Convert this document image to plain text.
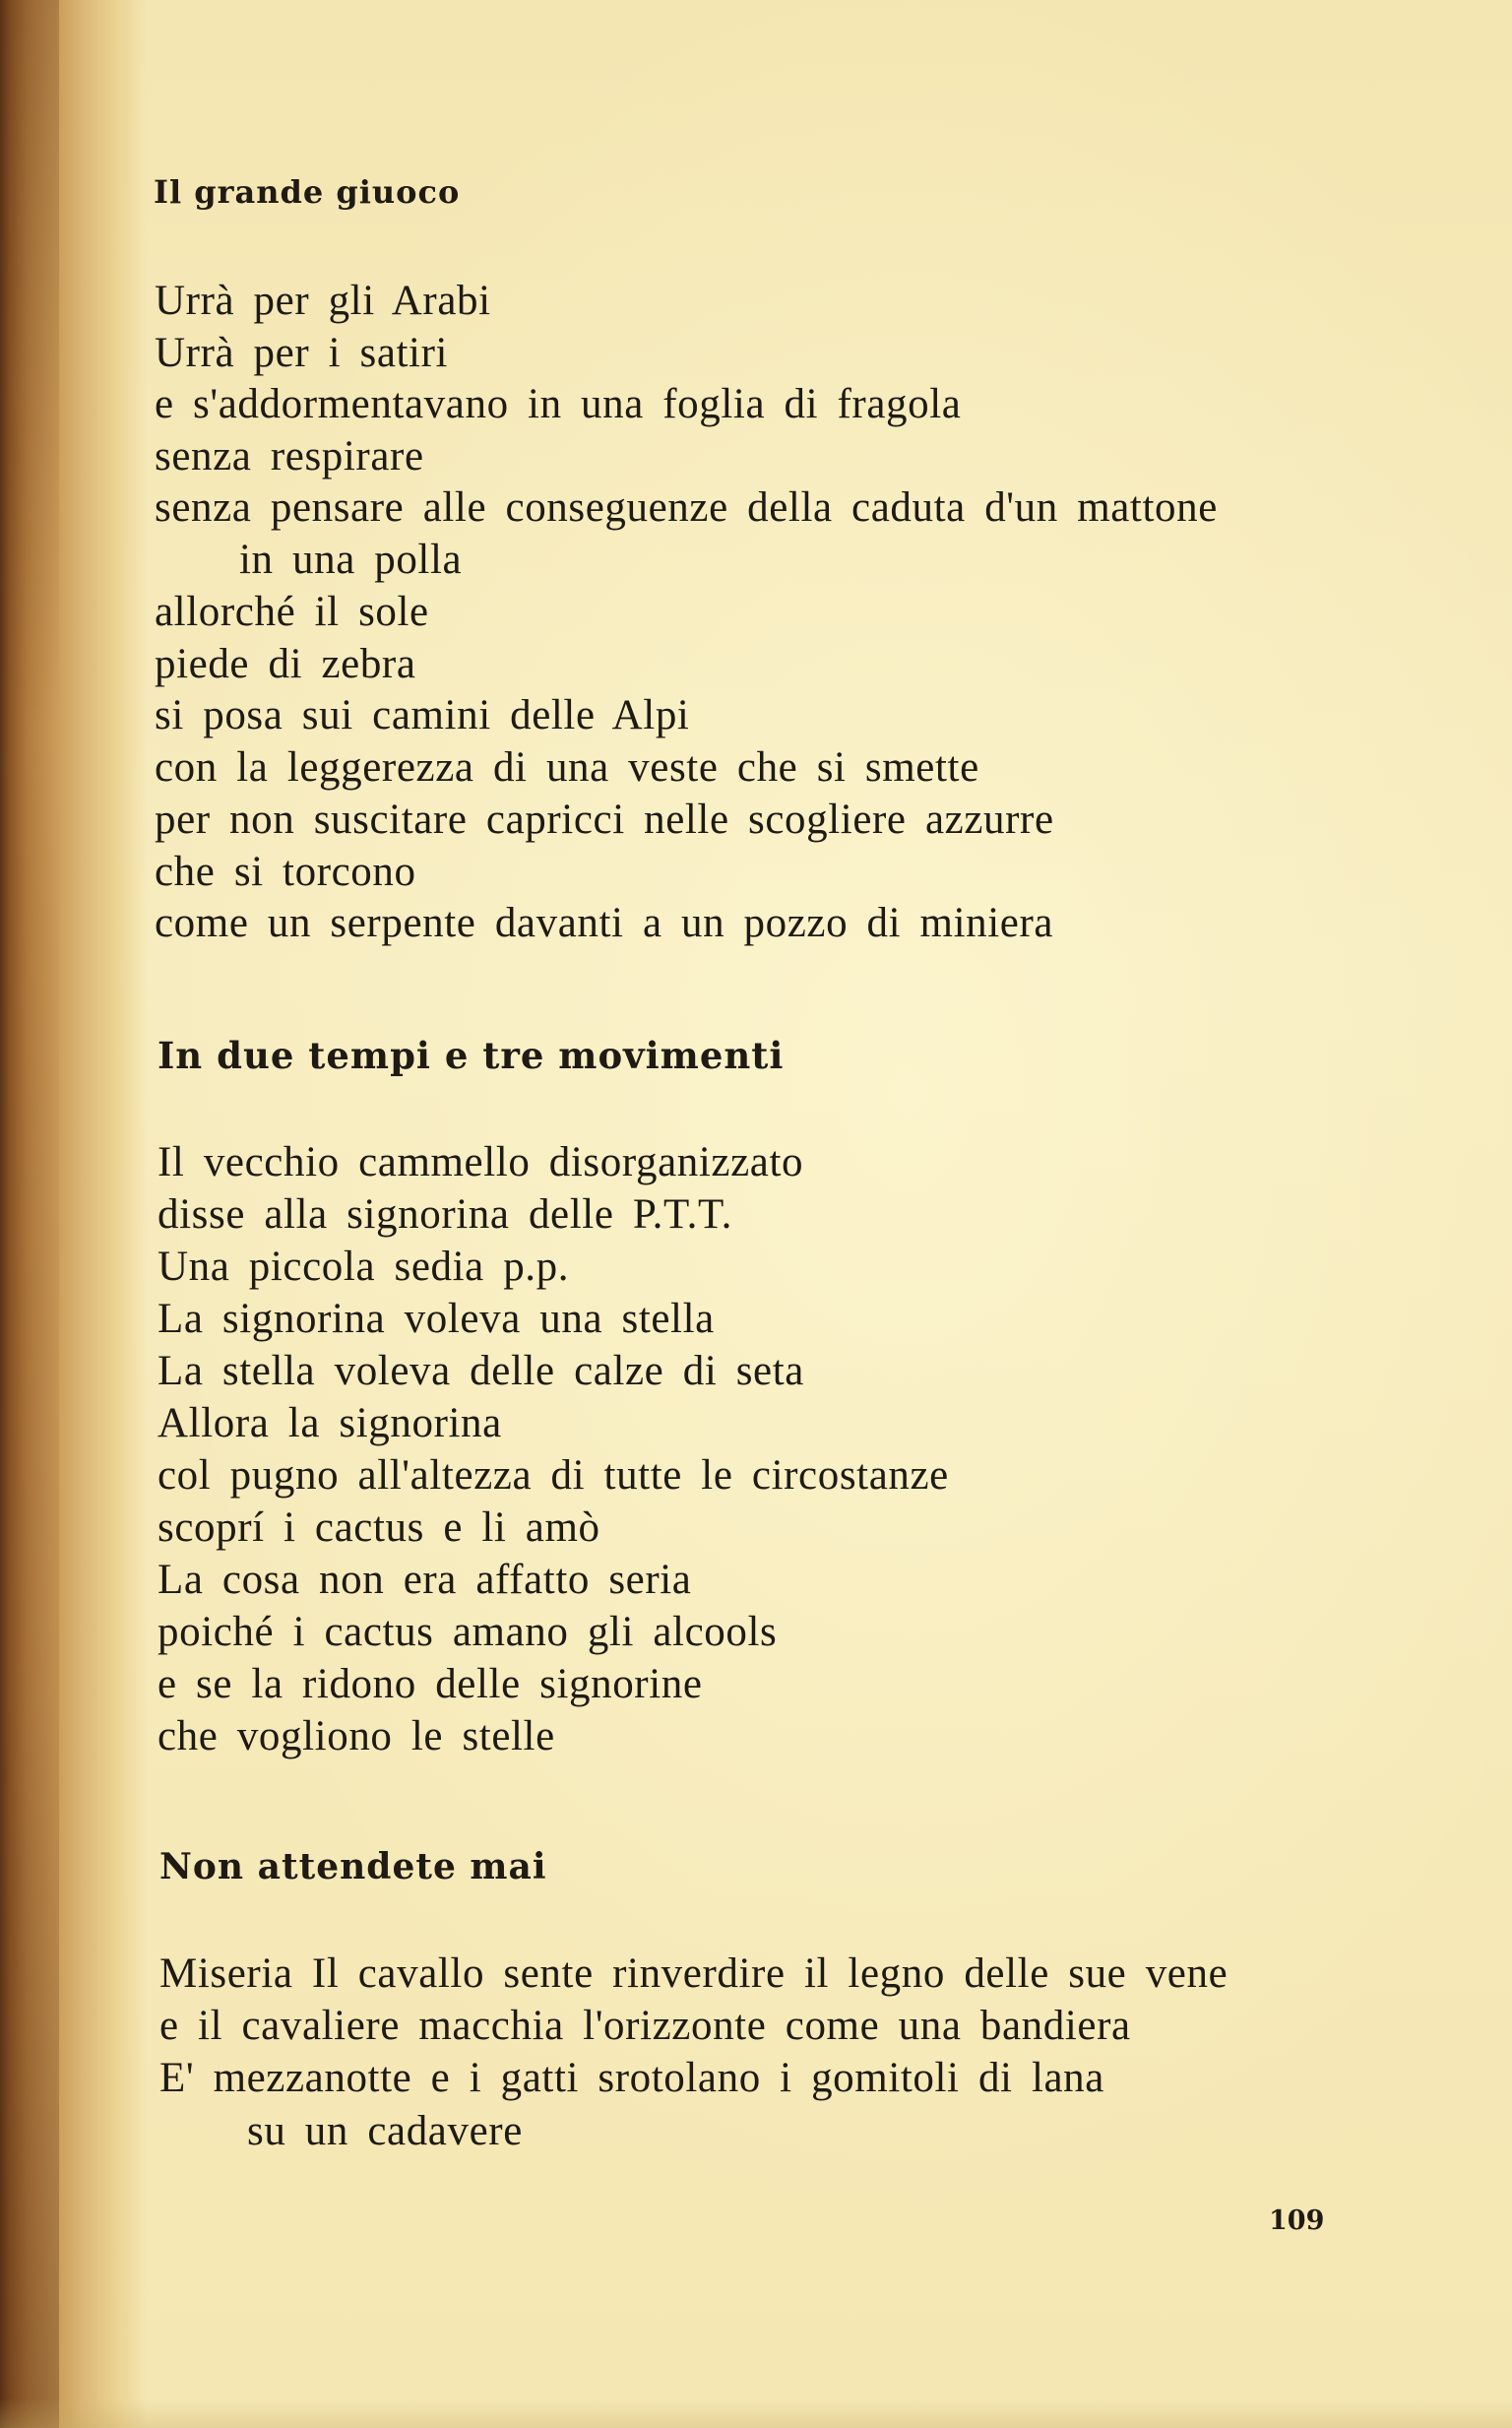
Il grande giuoco
Urrà per gli Arabi
Urrà per i satiri
e s'addormentavano in una foglia di fragola
senza respirare
senza pensare alle conseguenze della caduta d'un mattone
in una polla
allorché il sole
piede di zebra
si posa sui camini delle Alpi
con la leggerezza di una veste che si smette
per non suscitare capricci nelle scogliere azzurre
che si torcono
come un serpente davanti a un pozzo di miniera
In due tempi e tre movimenti
Il vecchio cammello disorganizzato
disse alla signorina delle P.T.T.
Una piccola sedia p.p.
La signorina voleva una stella
La stella voleva delle calze di seta
Allora la signorina
col pugno all'altezza di tutte le circostanze
scoprí i cactus e li amò
La cosa non era affatto seria
poiché i cactus amano gli alcools
e se la ridono delle signorine
che vogliono le stelle
Non attendete mai
Miseria Il cavallo sente rinverdire il legno delle sue vene
e il cavaliere macchia l'orizzonte come una bandiera
E' mezzanotte e i gatti srotolano i gomitoli di lana
su un cadavere
109
